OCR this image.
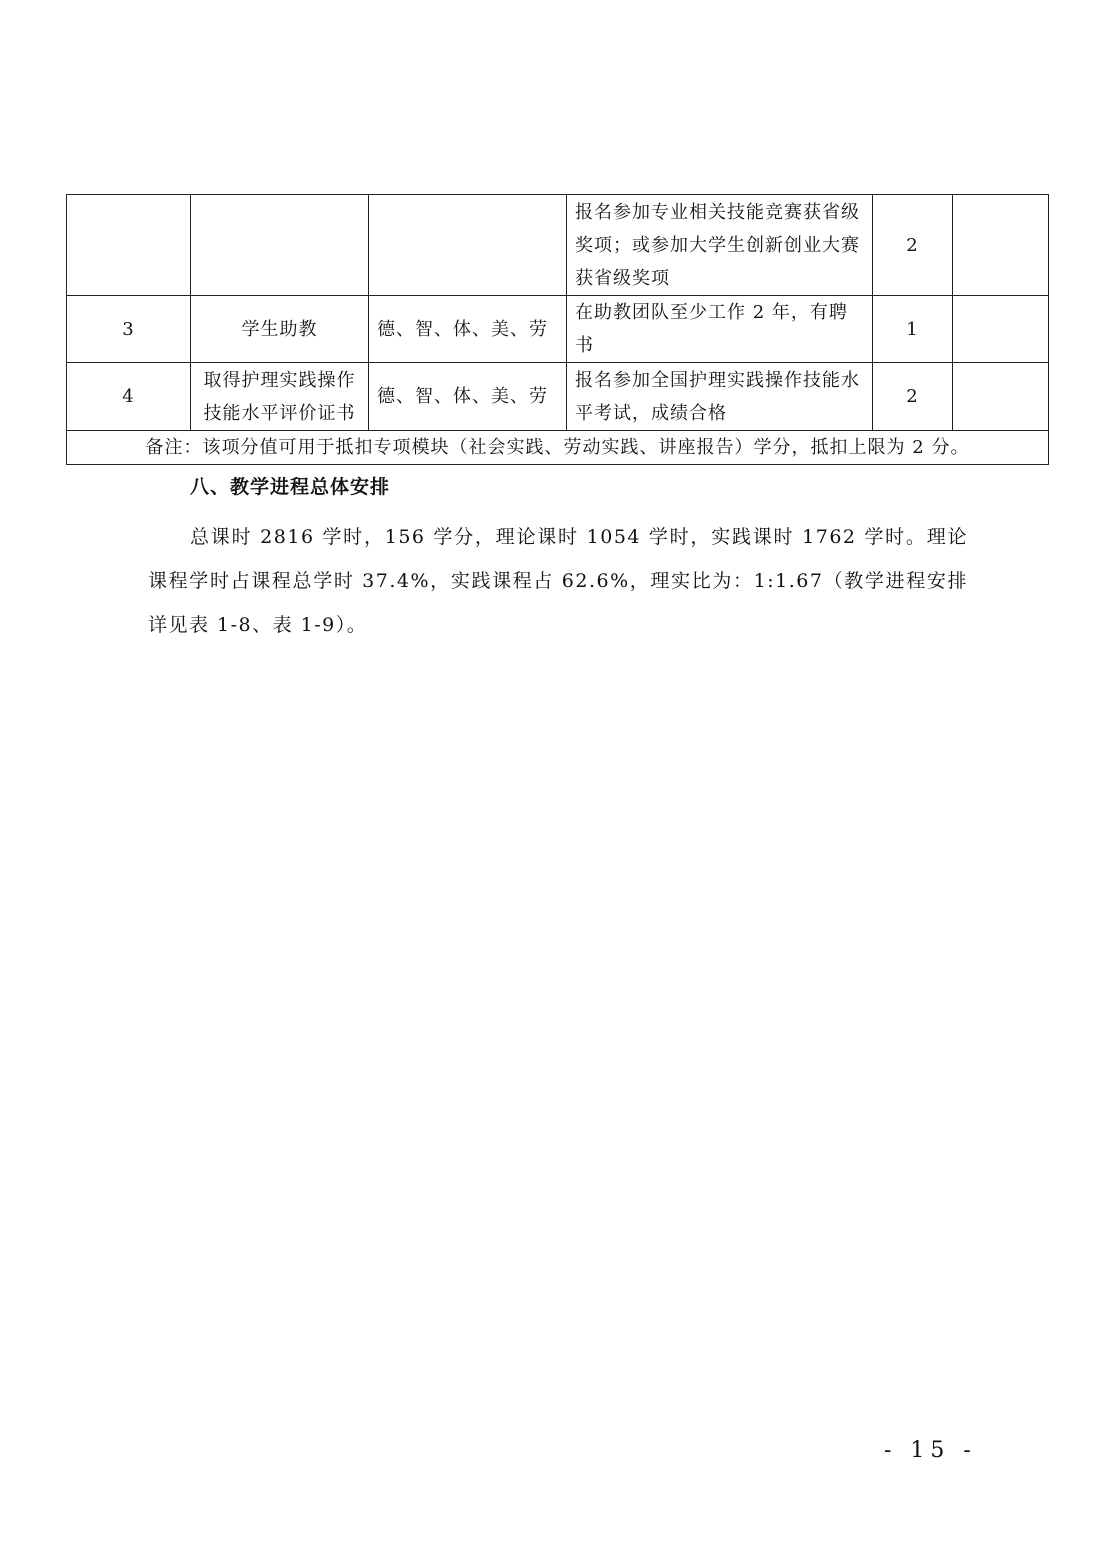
			报名参加专业相关技能竞赛获省级奖项；或参加大学生创新创业大赛获省级奖项	2	
3	学生助教	德、智、体、美、劳	在助教团队至少工作 2 年，有聘书	1	
4	取得护理实践操作技能水平评价证书	德、智、体、美、劳	报名参加全国护理实践操作技能水平考试，成绩合格	2	
备注：该项分值可用于抵扣专项模块（社会实践、劳动实践、讲座报告）学分，抵扣上限为 2 分。					
八、教学进程总体安排

总课时 2816 学时，156 学分，理论课时 1054 学时，实践课时 1762 学时。理论课程学时占课程总学时 37.4%，实践课程占 62.6%，理实比为：1:1.67（教学进程安排详见表 1-8、表 1-9）。

- 15 -
